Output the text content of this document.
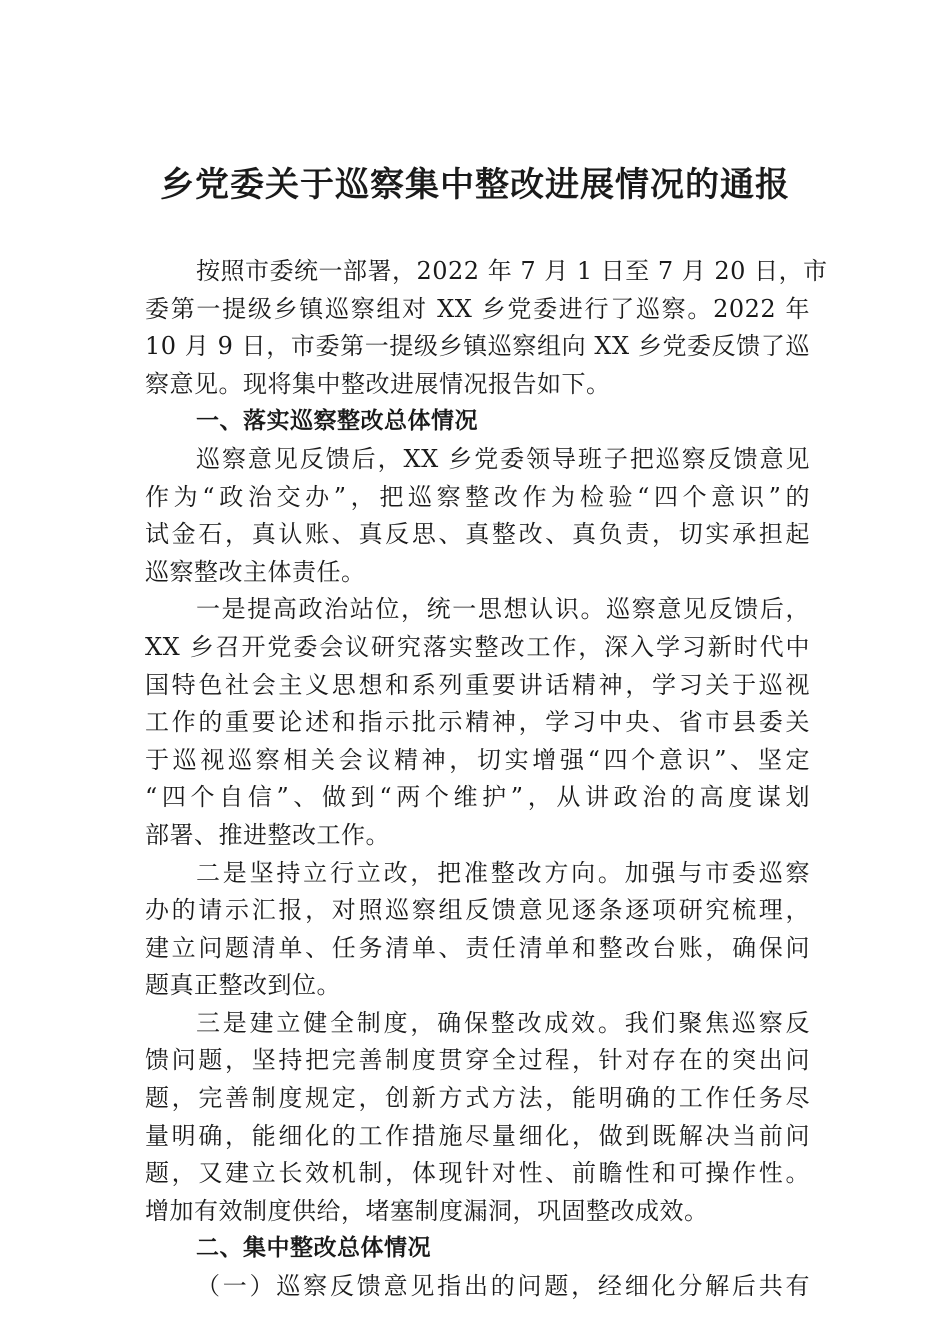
乡党委关于巡察集中整改进展情况的通报
按照市委统一部署，2022 年 7 月 1 日至 7 月 20 日，市
委第一提级乡镇巡察组对 XX 乡党委进行了巡察。2022 年
10 月 9 日，市委第一提级乡镇巡察组向 XX 乡党委反馈了巡
察意见。现将集中整改进展情况报告如下。
一、落实巡察整改总体情况
巡察意见反馈后，XX 乡党委领导班子把巡察反馈意见
作为“政治交办”，把巡察整改作为检验“四个意识”的
试金石，真认账、真反思、真整改、真负责，切实承担起
巡察整改主体责任。
一是提高政治站位，统一思想认识。巡察意见反馈后，
XX 乡召开党委会议研究落实整改工作，深入学习新时代中
国特色社会主义思想和系列重要讲话精神，学习关于巡视
工作的重要论述和指示批示精神，学习中央、省市县委关
于巡视巡察相关会议精神，切实增强“四个意识”、坚定
“四个自信”、做到“两个维护”，从讲政治的高度谋划
部署、推进整改工作。
二是坚持立行立改，把准整改方向。加强与市委巡察
办的请示汇报，对照巡察组反馈意见逐条逐项研究梳理，
建立问题清单、任务清单、责任清单和整改台账，确保问
题真正整改到位。
三是建立健全制度，确保整改成效。我们聚焦巡察反
馈问题，坚持把完善制度贯穿全过程，针对存在的突出问
题，完善制度规定，创新方式方法，能明确的工作任务尽
量明确，能细化的工作措施尽量细化，做到既解决当前问
题，又建立长效机制，体现针对性、前瞻性和可操作性。
增加有效制度供给，堵塞制度漏洞，巩固整改成效。
二、集中整改总体情况
（一）巡察反馈意见指出的问题，经细化分解后共有
